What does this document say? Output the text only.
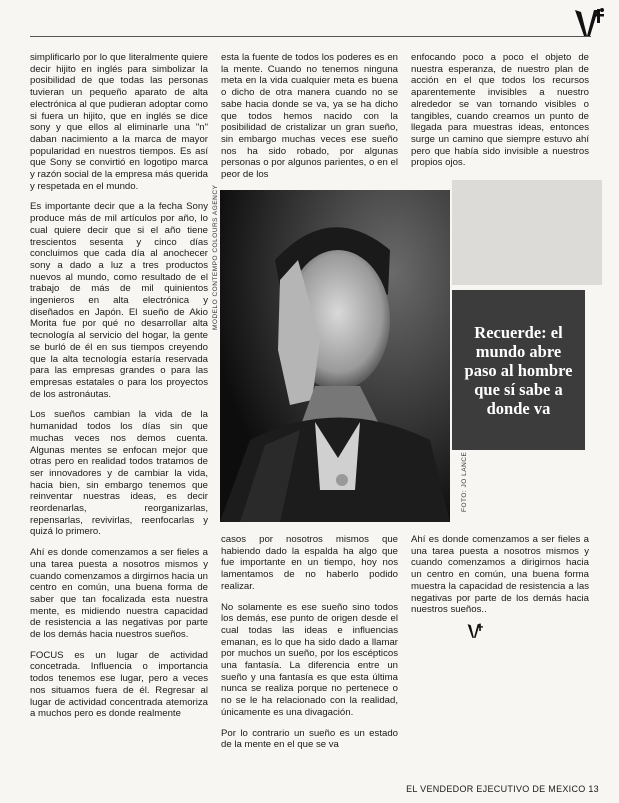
simplificarlo por lo que literalmente quiere decir hijito en inglés para simbolizar la posibilidad de que todas las personas tuvieran un pequeño aparato de alta electrónica al que pudieran adoptar como si fuera un hijito, que en inglés se dice sony y que ellos al eliminarle una "n" daban nacimiento a la marca de mayor popularidad en nuestros tiempos. Es así que Sony se convirtió en logotipo marca y razón social de la empresa más querida y respetada en el mundo.

Es importante decir que a la fecha Sony produce más de mil artículos por año, lo cual quiere decir que si el año tiene trescientos sesenta y cinco días concluimos que cada día al anochecer sony a dado a luz a tres productos nuevos al mundo, como resultado de el trabajo de más de mil quinientos ingenieros en alta electrónica y diseñados en Japón. El sueño de Akio Morita fue por qué no desarrollar alta tecnología al servicio del hogar, la gente se burló de él en sus tiempos creyendo que la alta tecnología estaría reservada para las empresas grandes o para las empresas estatales o para los proyectos de los astronáutas.

Los sueños cambian la vida de la humanidad todos los días sin que muchas veces nos demos cuenta. Algunas mentes se enfocan mejor que otras pero en realidad todos tratamos de ser innovadores y de cambiar la vida, hacia bien, sin embargo tenemos que reinventar nuestras ideas, es decir reordenarlas, reorganizarlas, repensarlas, revivirlas, reenfocarlas y quizá lo primero.

Ahí es donde comenzamos a ser fieles a una tarea puesta a nosotros mismos y cuando comenzamos a dirgirnos hacia un centro en común, una buena forma de saber que tan focalizada esta nuestra mente, es midiendo nuestra capacidad de resistencia a las negativas por parte de los demás hacia nuestros sueños.

FOCUS es un lugar de actividad concetrada. Influencia o importancia todos tenemos ese lugar, pero a veces nos situamos fuera de él. Regresar al lugar de actividad concentrada atemoriza a muchos pero es donde realmente

esta la fuente de todos los poderes es en la mente. Cuando no tenemos ninguna meta en la vida cualquier meta es buena o dicho de otra manera cuando no se sabe hacia donde se va, ya se ha dicho que todos hemos nacido con la posibilidad de cristalizar un gran sueño, sin embargo muchas veces ese sueño nos ha sido robado, por algunas personas o por algunos parientes, o en el peor de los

enfocando poco a poco el objeto de nuestra esperanza, de nuestro plan de acción en el que todos los recursos aparentemente invisibles a nuestro alrededor se van tornando visibles o tangibles, cuando creamos un punto de llegada para muestras ideas, entonces surge un camino que siempre estuvo ahí pero que había sido invisible a nuestros propios ojos.

MODELO CONTEMPO COLOURS AGENCY
FOTO: JO LANCE
Recuerde: el mundo abre paso al hombre que sí sabe a donde va

casos por nosotros mismos que habiendo dado la espalda ha algo que fue importante en un tiempo, hoy nos lamentamos de no haberlo podido realizar.

No solamente es ese sueño sino todos los demás, ese punto de origen desde el cual todas las ideas e influencias emanan, es lo que ha sido dado a llamar por muchos un sueño, por los escépticos una fantasía. La diferencia entre un sueño y una fantasía es que esta última nunca se realiza porque no pertenece o no se le ha relacionado con la realidad, únicamente es una divagación.

Por lo contrario un sueño es un estado de la mente en el que se va

Ahí es donde comenzamos a ser fieles a una tarea puesta a nosotros mismos y cuando comenzamos a dirigirnos hacia un centro en común, una buena forma muestra la capacidad de resistencia a las negativas por parte de los demás hacia nuestros sueños..

EL VENDEDOR EJECUTIVO DE MEXICO 13
